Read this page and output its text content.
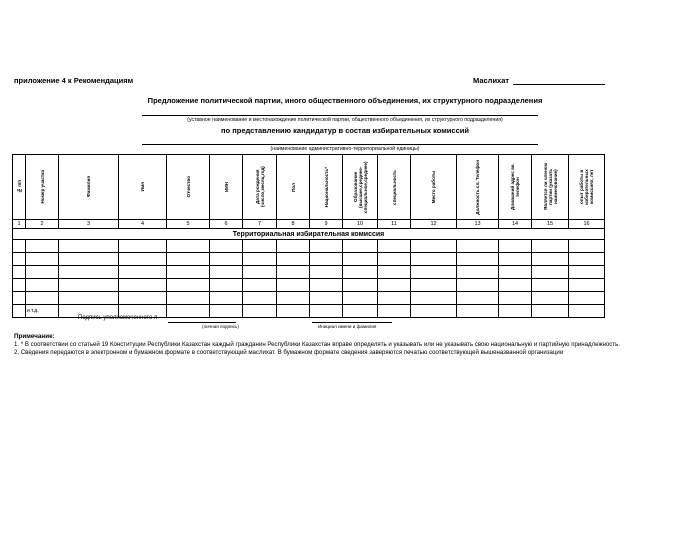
приложение 4 к Рекомендациям	Маслихат
Предложение политической партии, иного общественного объединения, их структурного подразделения
(уставное наименование и местонахождение политической партии, общественного объединения, их структурного подразделения)
по представлению кандидатур в состав избирательных комиссий
(наименование административно-территориальной единицы)
№ п/п	Номер участка	Фамилия	Имя	Отчество	ИИН	Дата рождения (число,месяц,год)	Пол	Национальность*	Образование (высшее,среднее-специальное,среднее)	специальность	Место работы	Должность сл. Телефон	Домашний адрес вк. телефон	Является ли членом партии (указать наименование)	опыт работы в избирательных комиссиях, лет

1	2	3	4	5	6	7	8	9	10	11	12	13	14	15	16
Территориальная избирательная комиссия															

	и т.д.														
Подпись уполномоченного л
(личная подпись)	Инициал имени и фамилия
Примечание:
1. * В соответствии со статьей 19 Конституции Республики Казахстан каждый гражданин Республики Казахстан вправе определять и указывать или не указывать свою национальную и партийную принадлежность.
2. Сведения передаются в электронном и бумажном формате в соответствующий маслихат. В бумажном формате сведения заверяются печатью соответствующей вышеназванной организации
